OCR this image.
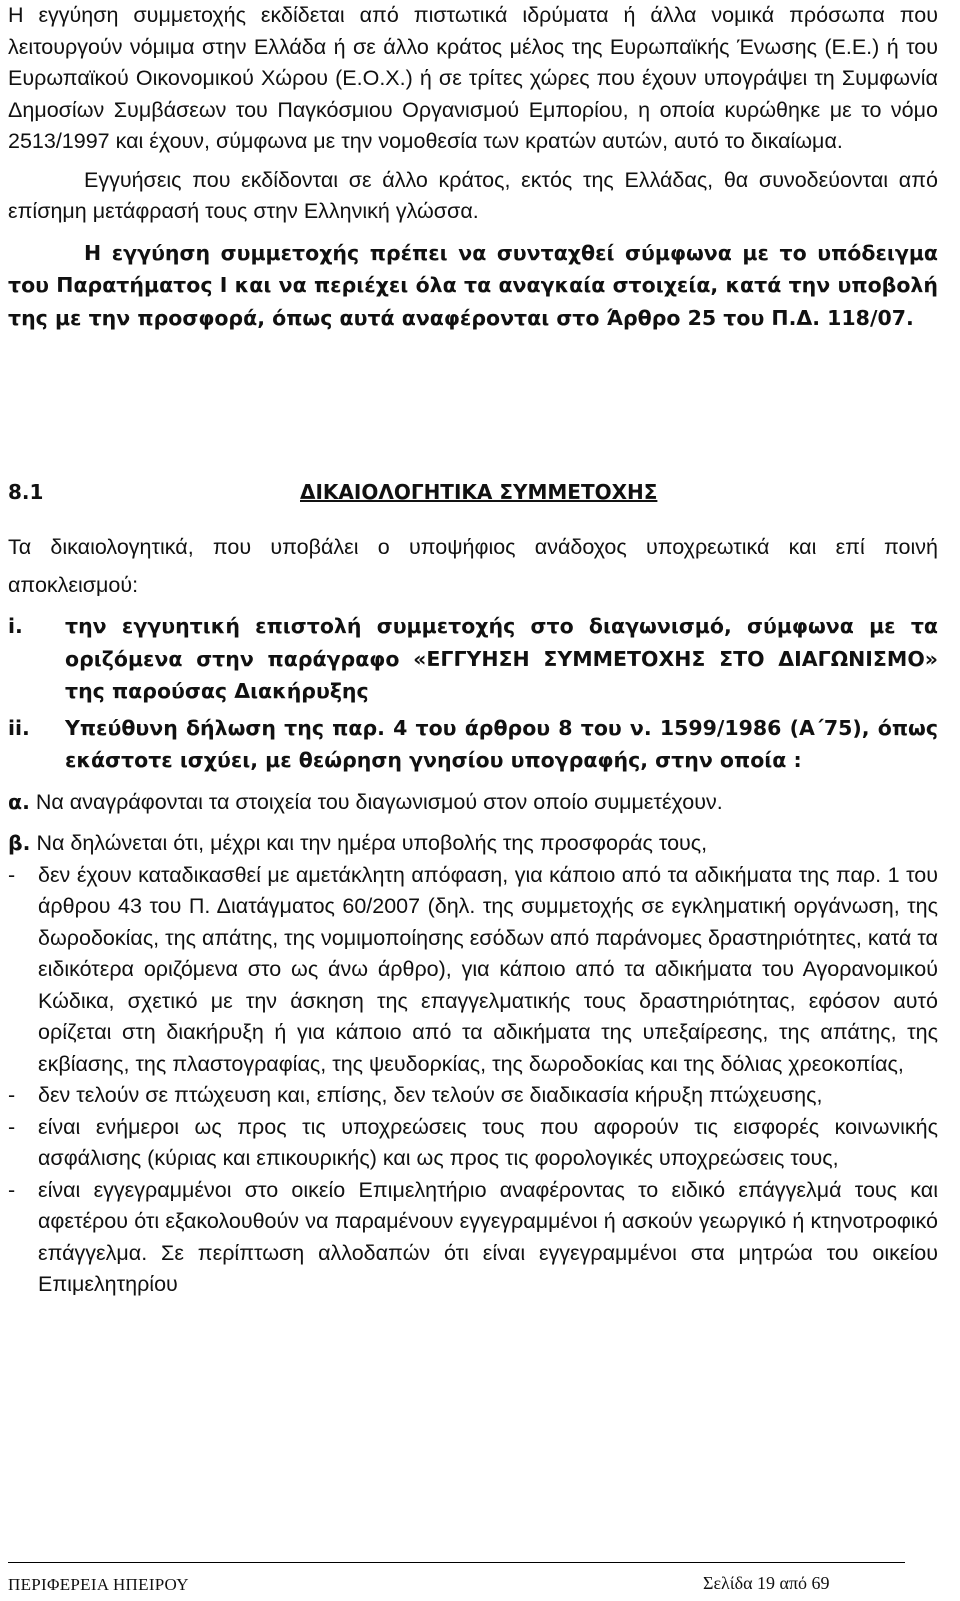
Η εγγύηση συμμετοχής εκδίδεται από πιστωτικά ιδρύματα ή άλλα νομικά πρόσωπα που λειτουργούν νόμιμα στην Ελλάδα ή σε άλλο κράτος μέλος της Ευρωπαϊκής Ένωσης (Ε.Ε.) ή του Ευρωπαϊκού Οικονομικού Χώρου (Ε.Ο.Χ.) ή σε τρίτες χώρες που έχουν υπογράψει τη Συμφωνία Δημοσίων Συμβάσεων του Παγκόσμιου Οργανισμού Εμπορίου, η οποία κυρώθηκε με το νόμο 2513/1997 και έχουν, σύμφωνα με την νομοθεσία των κρατών αυτών, αυτό το δικαίωμα.

Εγγυήσεις που εκδίδονται σε άλλο κράτος, εκτός της Ελλάδας, θα συνοδεύονται από επίσημη μετάφρασή τους στην Ελληνική γλώσσα.

Η εγγύηση συμμετοχής πρέπει να συνταχθεί σύμφωνα με το υπόδειγμα του Παρατήματος Ι και να περιέχει όλα τα αναγκαία στοιχεία, κατά την υποβολή της με την προσφορά, όπως αυτά αναφέρονται στο Άρθρο 25 του Π.Δ. 118/07.

8.1	ΔΙΚΑΙΟΛΟΓΗΤΙΚΑ ΣΥΜΜΕΤΟΧΗΣ

Τα δικαιολογητικά, που υποβάλει ο υποψήφιος ανάδοχος υποχρεωτικά και επί ποινή αποκλεισμού:

i. την εγγυητική επιστολή συμμετοχής στο διαγωνισμό, σύμφωνα με τα οριζόμενα στην παράγραφο «ΕΓΓΥΗΣΗ ΣΥΜΜΕΤΟΧΗΣ ΣΤΟ ΔΙΑΓΩΝΙΣΜΟ» της παρούσας Διακήρυξης

ii. Υπεύθυνη δήλωση της παρ. 4 του άρθρου 8 του ν. 1599/1986 (Α΄75), όπως εκάστοτε ισχύει, με θεώρηση γνησίου υπογραφής, στην οποία :

α. Να αναγράφονται τα στοιχεία του διαγωνισμού στον οποίο συμμετέχουν.

β. Να δηλώνεται ότι, μέχρι και την ημέρα υποβολής της προσφοράς τους,

- δεν έχουν καταδικασθεί με αμετάκλητη απόφαση, για κάποιο από τα αδικήματα της παρ. 1 του άρθρου 43 του Π. Διατάγματος 60/2007 (δηλ. της συμμετοχής σε εγκληματική οργάνωση, της δωροδοκίας, της απάτης, της νομιμοποίησης εσόδων από παράνομες δραστηριότητες, κατά τα ειδικότερα οριζόμενα στο ως άνω άρθρο), για κάποιο από τα αδικήματα του Αγορανομικού Κώδικα, σχετικό με την άσκηση της επαγγελματικής τους δραστηριότητας, εφόσον αυτό ορίζεται στη διακήρυξη ή για κάποιο από τα αδικήματα της υπεξαίρεσης, της απάτης, της εκβίασης, της πλαστογραφίας, της ψευδορκίας, της δωροδοκίας και της δόλιας χρεοκοπίας,

- δεν τελούν σε πτώχευση και, επίσης, δεν τελούν σε διαδικασία κήρυξη πτώχευσης,

- είναι ενήμεροι ως προς τις υποχρεώσεις τους που αφορούν τις εισφορές κοινωνικής ασφάλισης (κύριας και επικουρικής) και ως προς τις φορολογικές υποχρεώσεις τους,

- είναι εγγεγραμμένοι στο οικείο Επιμελητήριο αναφέροντας το ειδικό επάγγελμά τους και αφετέρου ότι εξακολουθούν να παραμένουν εγγεγραμμένοι ή ασκούν γεωργικό ή κτηνοτροφικό επάγγελμα. Σε περίπτωση αλλοδαπών ότι είναι εγγεγραμμένοι στα μητρώα του οικείου Επιμελητηρίου

ΠΕΡΙΦΕΡΕΙΑ ΗΠΕΙΡΟΥ	Σελίδα 19 από 69
